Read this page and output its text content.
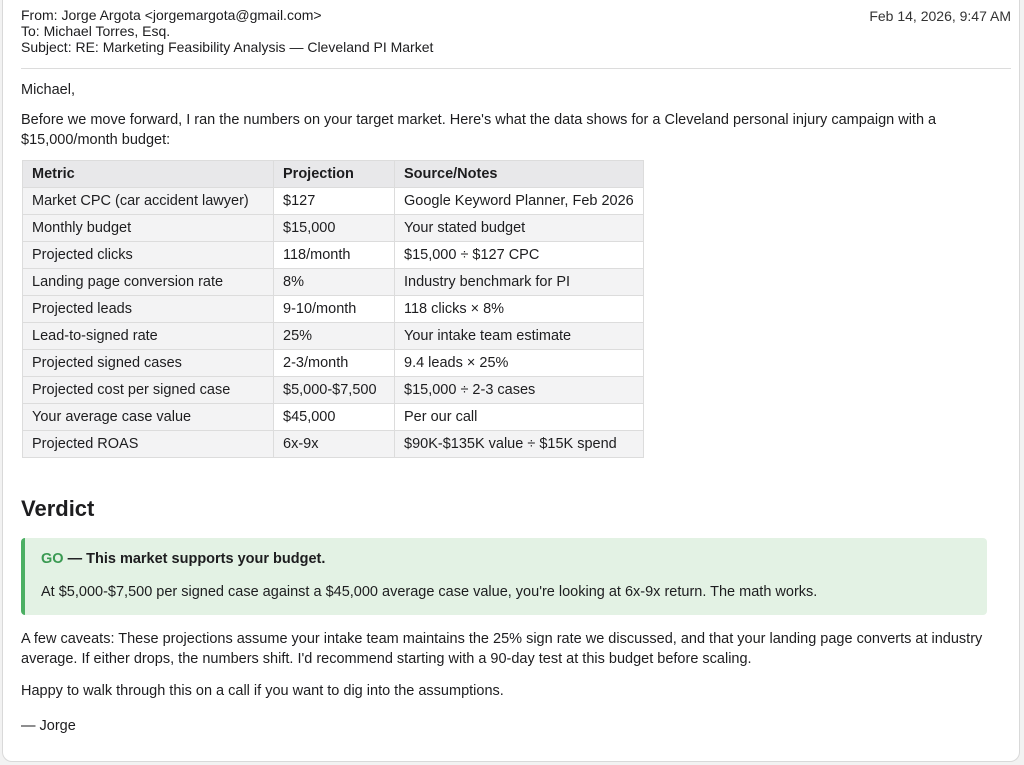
From: Jorge Argota <jorgemargota@gmail.com>
To: Michael Torres, Esq.
Subject: RE: Marketing Feasibility Analysis — Cleveland PI Market
Feb 14, 2026, 9:47 AM

Michael,

Before we move forward, I ran the numbers on your target market. Here's what the data shows for a Cleveland personal injury campaign with a $15,000/month budget:

Metric	Projection	Source/Notes
Market CPC (car accident lawyer)	$127	Google Keyword Planner, Feb 2026
Monthly budget	$15,000	Your stated budget
Projected clicks	118/month	$15,000 ÷ $127 CPC
Landing page conversion rate	8%	Industry benchmark for PI
Projected leads	9-10/month	118 clicks × 8%
Lead-to-signed rate	25%	Your intake team estimate
Projected signed cases	2-3/month	9.4 leads × 25%
Projected cost per signed case	$5,000-$7,500	$15,000 ÷ 2-3 cases
Your average case value	$45,000	Per our call
Projected ROAS	6x-9x	$90K-$135K value ÷ $15K spend
Verdict
GO — This market supports your budget.
At $5,000-$7,500 per signed case against a $45,000 average case value, you're looking at 6x-9x return. The math works.

A few caveats: These projections assume your intake team maintains the 25% sign rate we discussed, and that your landing page converts at industry average. If either drops, the numbers shift. I'd recommend starting with a 90-day test at this budget before scaling.

Happy to walk through this on a call if you want to dig into the assumptions.

— Jorge
